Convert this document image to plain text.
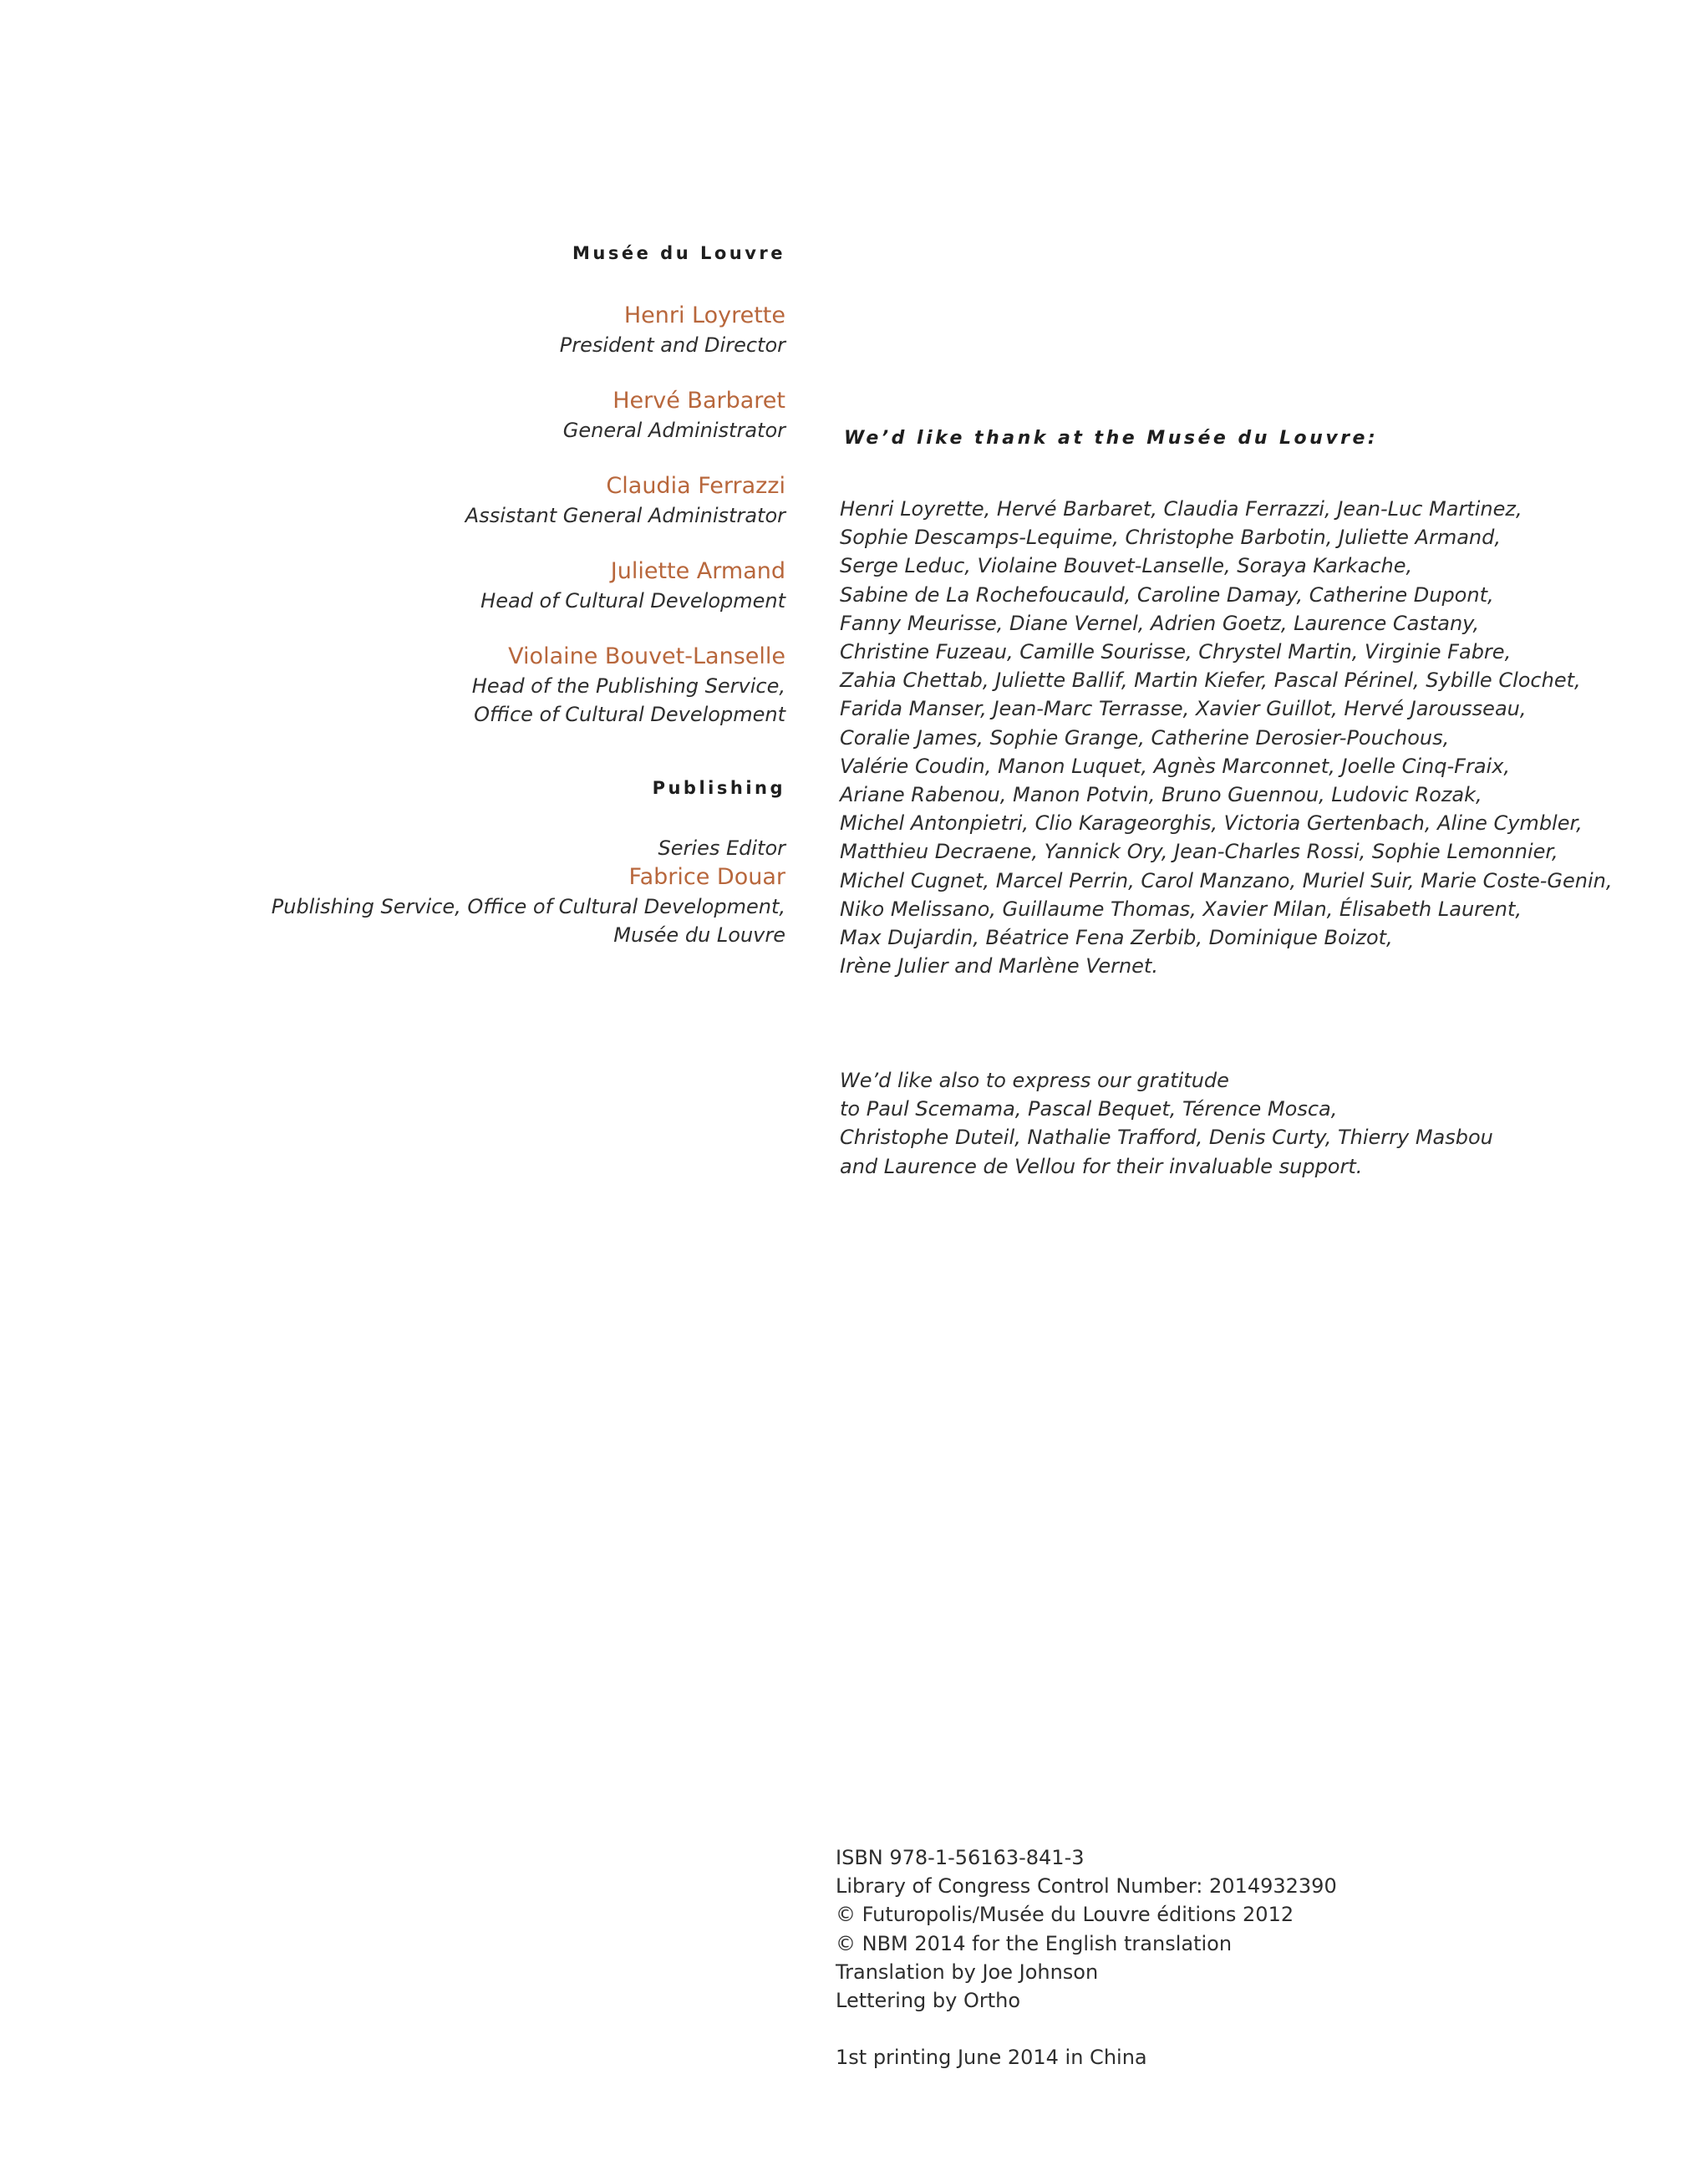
Musée du Louvre
Henri Loyrette
President and Director
Hervé Barbaret
General Administrator
Claudia Ferrazzi
Assistant General Administrator
Juliette Armand
Head of Cultural Development
Violaine Bouvet-Lanselle
Head of the Publishing Service,
Office of Cultural Development
Publishing
Series Editor
Fabrice Douar
Publishing Service, Office of Cultural Development,
Musée du Louvre
We’d like thank at the Musée du Louvre:
Henri Loyrette, Hervé Barbaret, Claudia Ferrazzi, Jean-Luc Martinez,
Sophie Descamps-Lequime, Christophe Barbotin, Juliette Armand,
Serge Leduc, Violaine Bouvet-Lanselle, Soraya Karkache,
Sabine de La Rochefoucauld, Caroline Damay, Catherine Dupont,
Fanny Meurisse, Diane Vernel, Adrien Goetz, Laurence Castany,
Christine Fuzeau, Camille Sourisse, Chrystel Martin, Virginie Fabre,
Zahia Chettab, Juliette Ballif, Martin Kiefer, Pascal Périnel, Sybille Clochet,
Farida Manser, Jean-Marc Terrasse, Xavier Guillot, Hervé Jarousseau,
Coralie James, Sophie Grange, Catherine Derosier-Pouchous,
Valérie Coudin, Manon Luquet, Agnès Marconnet, Joelle Cinq-Fraix,
Ariane Rabenou, Manon Potvin, Bruno Guennou, Ludovic Rozak,
Michel Antonpietri, Clio Karageorghis, Victoria Gertenbach, Aline Cymbler,
Matthieu Decraene, Yannick Ory, Jean-Charles Rossi, Sophie Lemonnier,
Michel Cugnet, Marcel Perrin, Carol Manzano, Muriel Suir, Marie Coste-Genin,
Niko Melissano, Guillaume Thomas, Xavier Milan, Élisabeth Laurent,
Max Dujardin, Béatrice Fena Zerbib, Dominique Boizot,
Irène Julier and Marlène Vernet.
We’d like also to express our gratitude
to Paul Scemama, Pascal Bequet, Térence Mosca,
Christophe Duteil, Nathalie Trafford, Denis Curty, Thierry Masbou
and Laurence de Vellou for their invaluable support.
ISBN 978-1-56163-841-3
Library of Congress Control Number: 2014932390
© Futuropolis/Musée du Louvre éditions 2012
© NBM 2014 for the English translation
Translation by Joe Johnson
Lettering by Ortho
1st printing June 2014 in China
